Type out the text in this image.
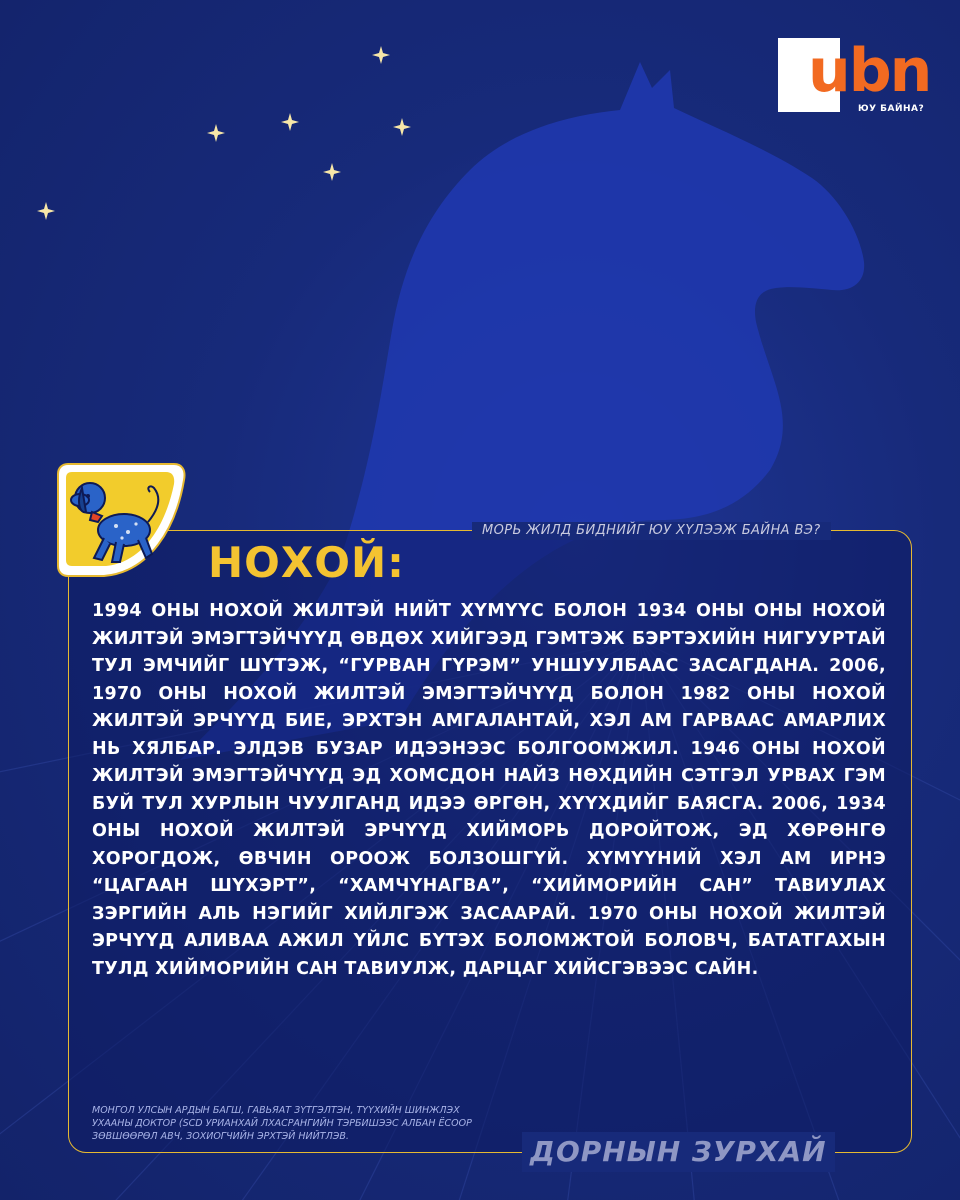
ubn
ЮУ БАЙНА?
МОРЬ ЖИЛД БИДНИЙГ ЮУ ХҮЛЭЭЖ БАЙНА ВЭ?
НОХОЙ:
1994 ОНЫ НОХОЙ ЖИЛТЭЙ НИЙТ ХҮМҮҮС БОЛОН 1934 ОНЫ ОНЫ НОХОЙ ЖИЛТЭЙ ЭМЭГТЭЙЧҮҮД ӨВДӨХ ХИЙГЭЭД ГЭМТЭЖ БЭРТЭХИЙН НИГУУРТАЙ ТУЛ ЭМЧИЙГ ШҮТЭЖ, “ГУРВАН ГҮРЭМ” УНШУУЛБААС ЗАСАГДАНА. 2006, 1970 ОНЫ НОХОЙ ЖИЛТЭЙ ЭМЭГТЭЙЧҮҮД БОЛОН 1982 ОНЫ НОХОЙ ЖИЛТЭЙ ЭРЧҮҮД БИЕ, ЭРХТЭН АМГАЛАНТАЙ, ХЭЛ АМ ГАРВААС АМАРЛИХ НЬ ХЯЛБАР. ЭЛДЭВ БУЗАР ИДЭЭНЭЭС БОЛГООМЖИЛ. 1946 ОНЫ НОХОЙ ЖИЛТЭЙ ЭМЭГТЭЙЧҮҮД ЭД ХОМСДОН НАЙЗ НӨХДИЙН СЭТГЭЛ УРВАХ ГЭМ БУЙ ТУЛ ХУРЛЫН ЧУУЛГАНД ИДЭЭ ӨРГӨН, ХҮҮХДИЙГ БАЯСГА. 2006, 1934 ОНЫ НОХОЙ ЖИЛТЭЙ ЭРЧҮҮД ХИЙМОРЬ ДОРОЙТОЖ, ЭД ХӨРӨНГӨ ХОРОГДОЖ, ӨВЧИН ОРООЖ БОЛЗОШГҮЙ. ХҮМҮҮНИЙ ХЭЛ АМ ИРНЭ “ЦАГААН ШҮХЭРТ”, “ХАМЧҮНАГВА”, “ХИЙМОРИЙН САН” ТАВИУЛАХ ЗЭРГИЙН АЛЬ НЭГИЙГ ХИЙЛГЭЖ ЗАСААРАЙ. 1970 ОНЫ НОХОЙ ЖИЛТЭЙ ЭРЧҮҮД АЛИВАА АЖИЛ ҮЙЛС БҮТЭХ БОЛОМЖТОЙ БОЛОВЧ, БАТАТГАХЫН ТУЛД ХИЙМОРИЙН САН ТАВИУЛЖ, ДАРЦАГ ХИЙСГЭВЭЭС САЙН.
МОНГОЛ УЛСЫН АРДЫН БАГШ, ГАВЬЯАТ ЗҮТГЭЛТЭН, ТҮҮХИЙН ШИНЖЛЭХ УХААНЫ ДОКТОР (SCD УРИАНХАЙ ЛХАСРАНГИЙН ТЭРБИШЭЭС АЛБАН ЁСООР ЗӨВШӨӨРӨЛ АВЧ, ЗОХИОГЧИЙН ЭРХТЭЙ НИЙТЛЭВ.	ДОРНЫН ЗУРХАЙ
